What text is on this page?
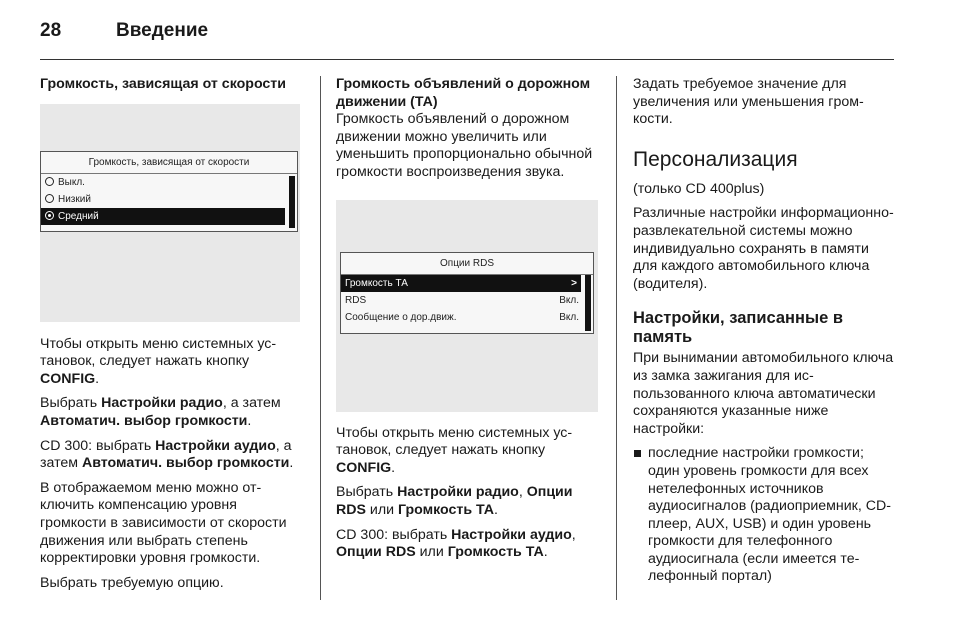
28	Введение
Громкость, зависящая от скорости
Громкость, зависящая от скорости
Выкл.
Низкий
Средний

Чтобы открыть меню системных установок, следует нажать кнопку CONFIG.

Выбрать Настройки радио, а затем Автоматич. выбор громкости.

CD 300: выбрать Настройки аудио, а затем Автоматич. выбор громкости.

В отображаемом меню можно отключить компенсацию уровня громкости в зависимости от скорости движения или выбрать степень корректировки уровня громкости.

Выбрать требуемую опцию.

Громкость объявлений о дорожном движении (ТА)

Громкость объявлений о дорожном движении можно увеличить или уменьшить пропорционально обычной громкости воспроизведения звука.

Опции RDS
Громкость ТА	>
RDS	Вкл.
Сообщение о дор.движ.	Вкл.

Чтобы открыть меню системных установок, следует нажать кнопку CONFIG.

Выбрать Настройки радио, Опции RDS или Громкость ТА.

CD 300: выбрать Настройки аудио, Опции RDS или Громкость ТА.

Задать требуемое значение для увеличения или уменьшения громкости.

Персонализация

(только CD 400plus)

Различные настройки информационно-развлекательной системы можно индивидуально сохранять в памяти для каждого автомобильного ключа (водителя).

Настройки, записанные в память

При вынимании автомобильного ключа из замка зажигания для использованного ключа автоматически сохраняются указанные ниже настройки:

последние настройки громкости; один уровень громкости для всех нетелефонных источников аудиосигналов (радиоприемник, CD-плеер, AUX, USB) и один уровень громкости для телефонного аудиосигнала (если имеется телефонный портал)
